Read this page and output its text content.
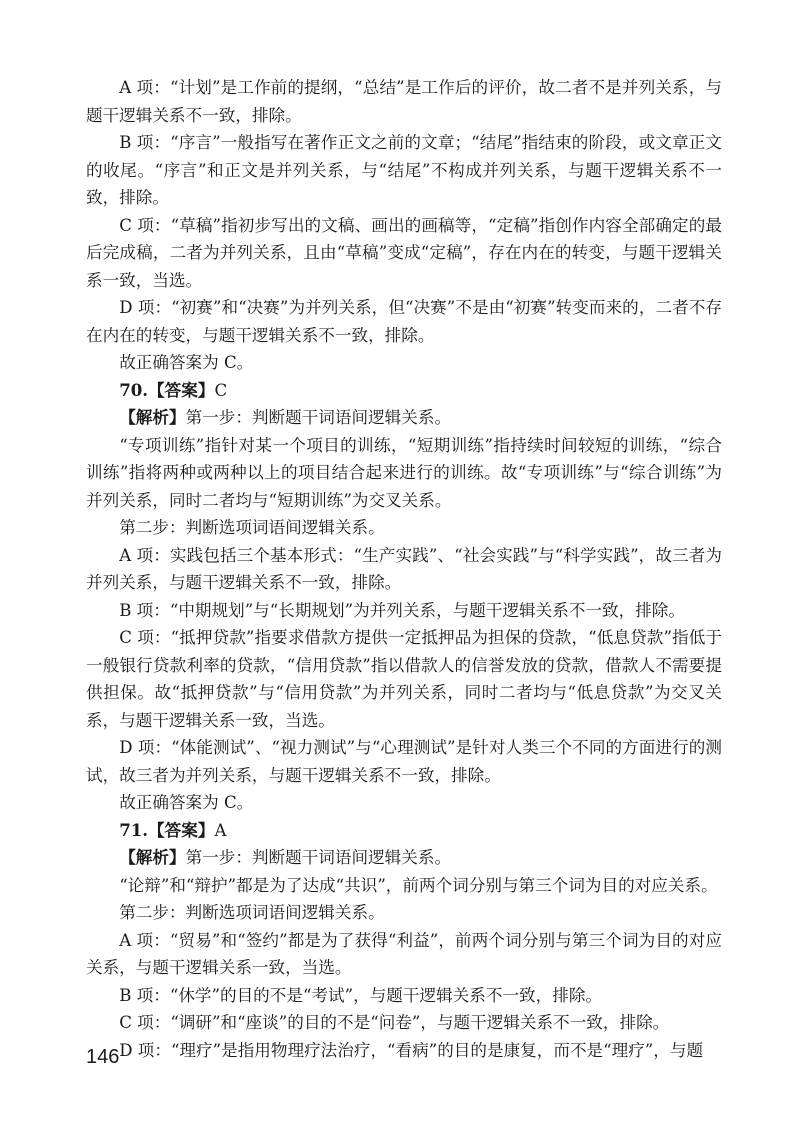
A 项：“计划”是工作前的提纲，“总结”是工作后的评价，故二者不是并列关系，与题干逻辑关系不一致，排除。

B 项：“序言”一般指写在著作正文之前的文章；“结尾”指结束的阶段，或文章正文的收尾。“序言”和正文是并列关系，与“结尾”不构成并列关系，与题干逻辑关系不一致，排除。

C 项：“草稿”指初步写出的文稿、画出的画稿等，“定稿”指创作内容全部确定的最后完成稿，二者为并列关系，且由“草稿”变成“定稿”，存在内在的转变，与题干逻辑关系一致，当选。

D 项：“初赛”和“决赛”为并列关系，但“决赛”不是由“初赛”转变而来的，二者不存在内在的转变，与题干逻辑关系不一致，排除。

故正确答案为 C。

70.【答案】C

【解析】第一步：判断题干词语间逻辑关系。

“专项训练”指针对某一个项目的训练，“短期训练”指持续时间较短的训练，“综合训练”指将两种或两种以上的项目结合起来进行的训练。故“专项训练”与“综合训练”为并列关系，同时二者均与“短期训练”为交叉关系。

第二步：判断选项词语间逻辑关系。

A 项：实践包括三个基本形式：“生产实践”、“社会实践”与“科学实践”，故三者为并列关系，与题干逻辑关系不一致，排除。

B 项：“中期规划”与“长期规划”为并列关系，与题干逻辑关系不一致，排除。

C 项：“抵押贷款”指要求借款方提供一定抵押品为担保的贷款，“低息贷款”指低于一般银行贷款利率的贷款，“信用贷款”指以借款人的信誉发放的贷款，借款人不需要提供担保。故“抵押贷款”与“信用贷款”为并列关系，同时二者均与“低息贷款”为交叉关系，与题干逻辑关系一致，当选。

D 项：“体能测试”、“视力测试”与“心理测试”是针对人类三个不同的方面进行的测试，故三者为并列关系，与题干逻辑关系不一致，排除。

故正确答案为 C。

71.【答案】A

【解析】第一步：判断题干词语间逻辑关系。

“论辩”和“辩护”都是为了达成“共识”，前两个词分别与第三个词为目的对应关系。

第二步：判断选项词语间逻辑关系。

A 项：“贸易”和“签约”都是为了获得“利益”，前两个词分别与第三个词为目的对应关系，与题干逻辑关系一致，当选。

B 项：“休学”的目的不是“考试”，与题干逻辑关系不一致，排除。

C 项：“调研”和“座谈”的目的不是“问卷”，与题干逻辑关系不一致，排除。

D 项：“理疗”是指用物理疗法治疗，“看病”的目的是康复，而不是“理疗”，与题

146
